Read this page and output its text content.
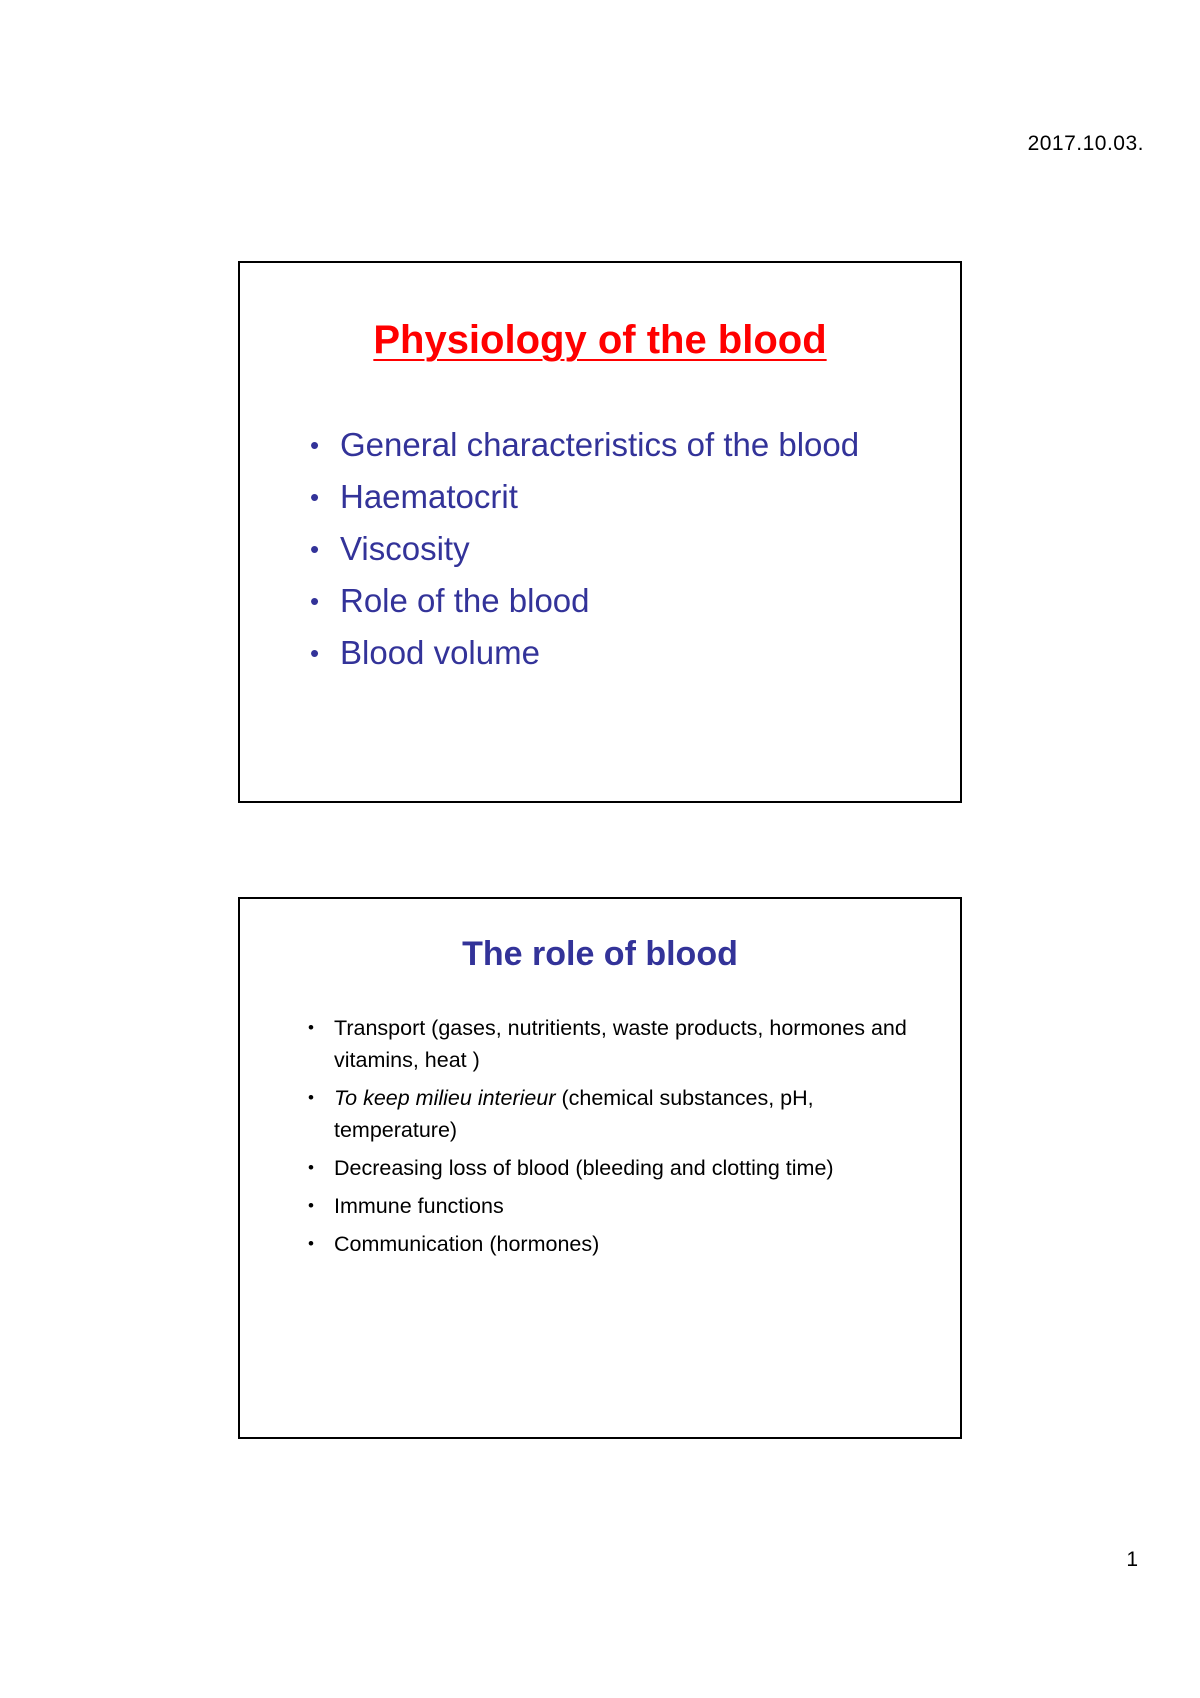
2017.10.03.
Physiology of the blood
• General characteristics of the blood
• Haematocrit
• Viscosity
• Role of the blood
• Blood volume
The role of blood
• Transport (gases, nutritients, waste products, hormones and vitamins, heat )
• To keep milieu interieur (chemical substances, pH, temperature)
• Decreasing loss of blood (bleeding and clotting time)
• Immune functions
• Communication (hormones)
1
